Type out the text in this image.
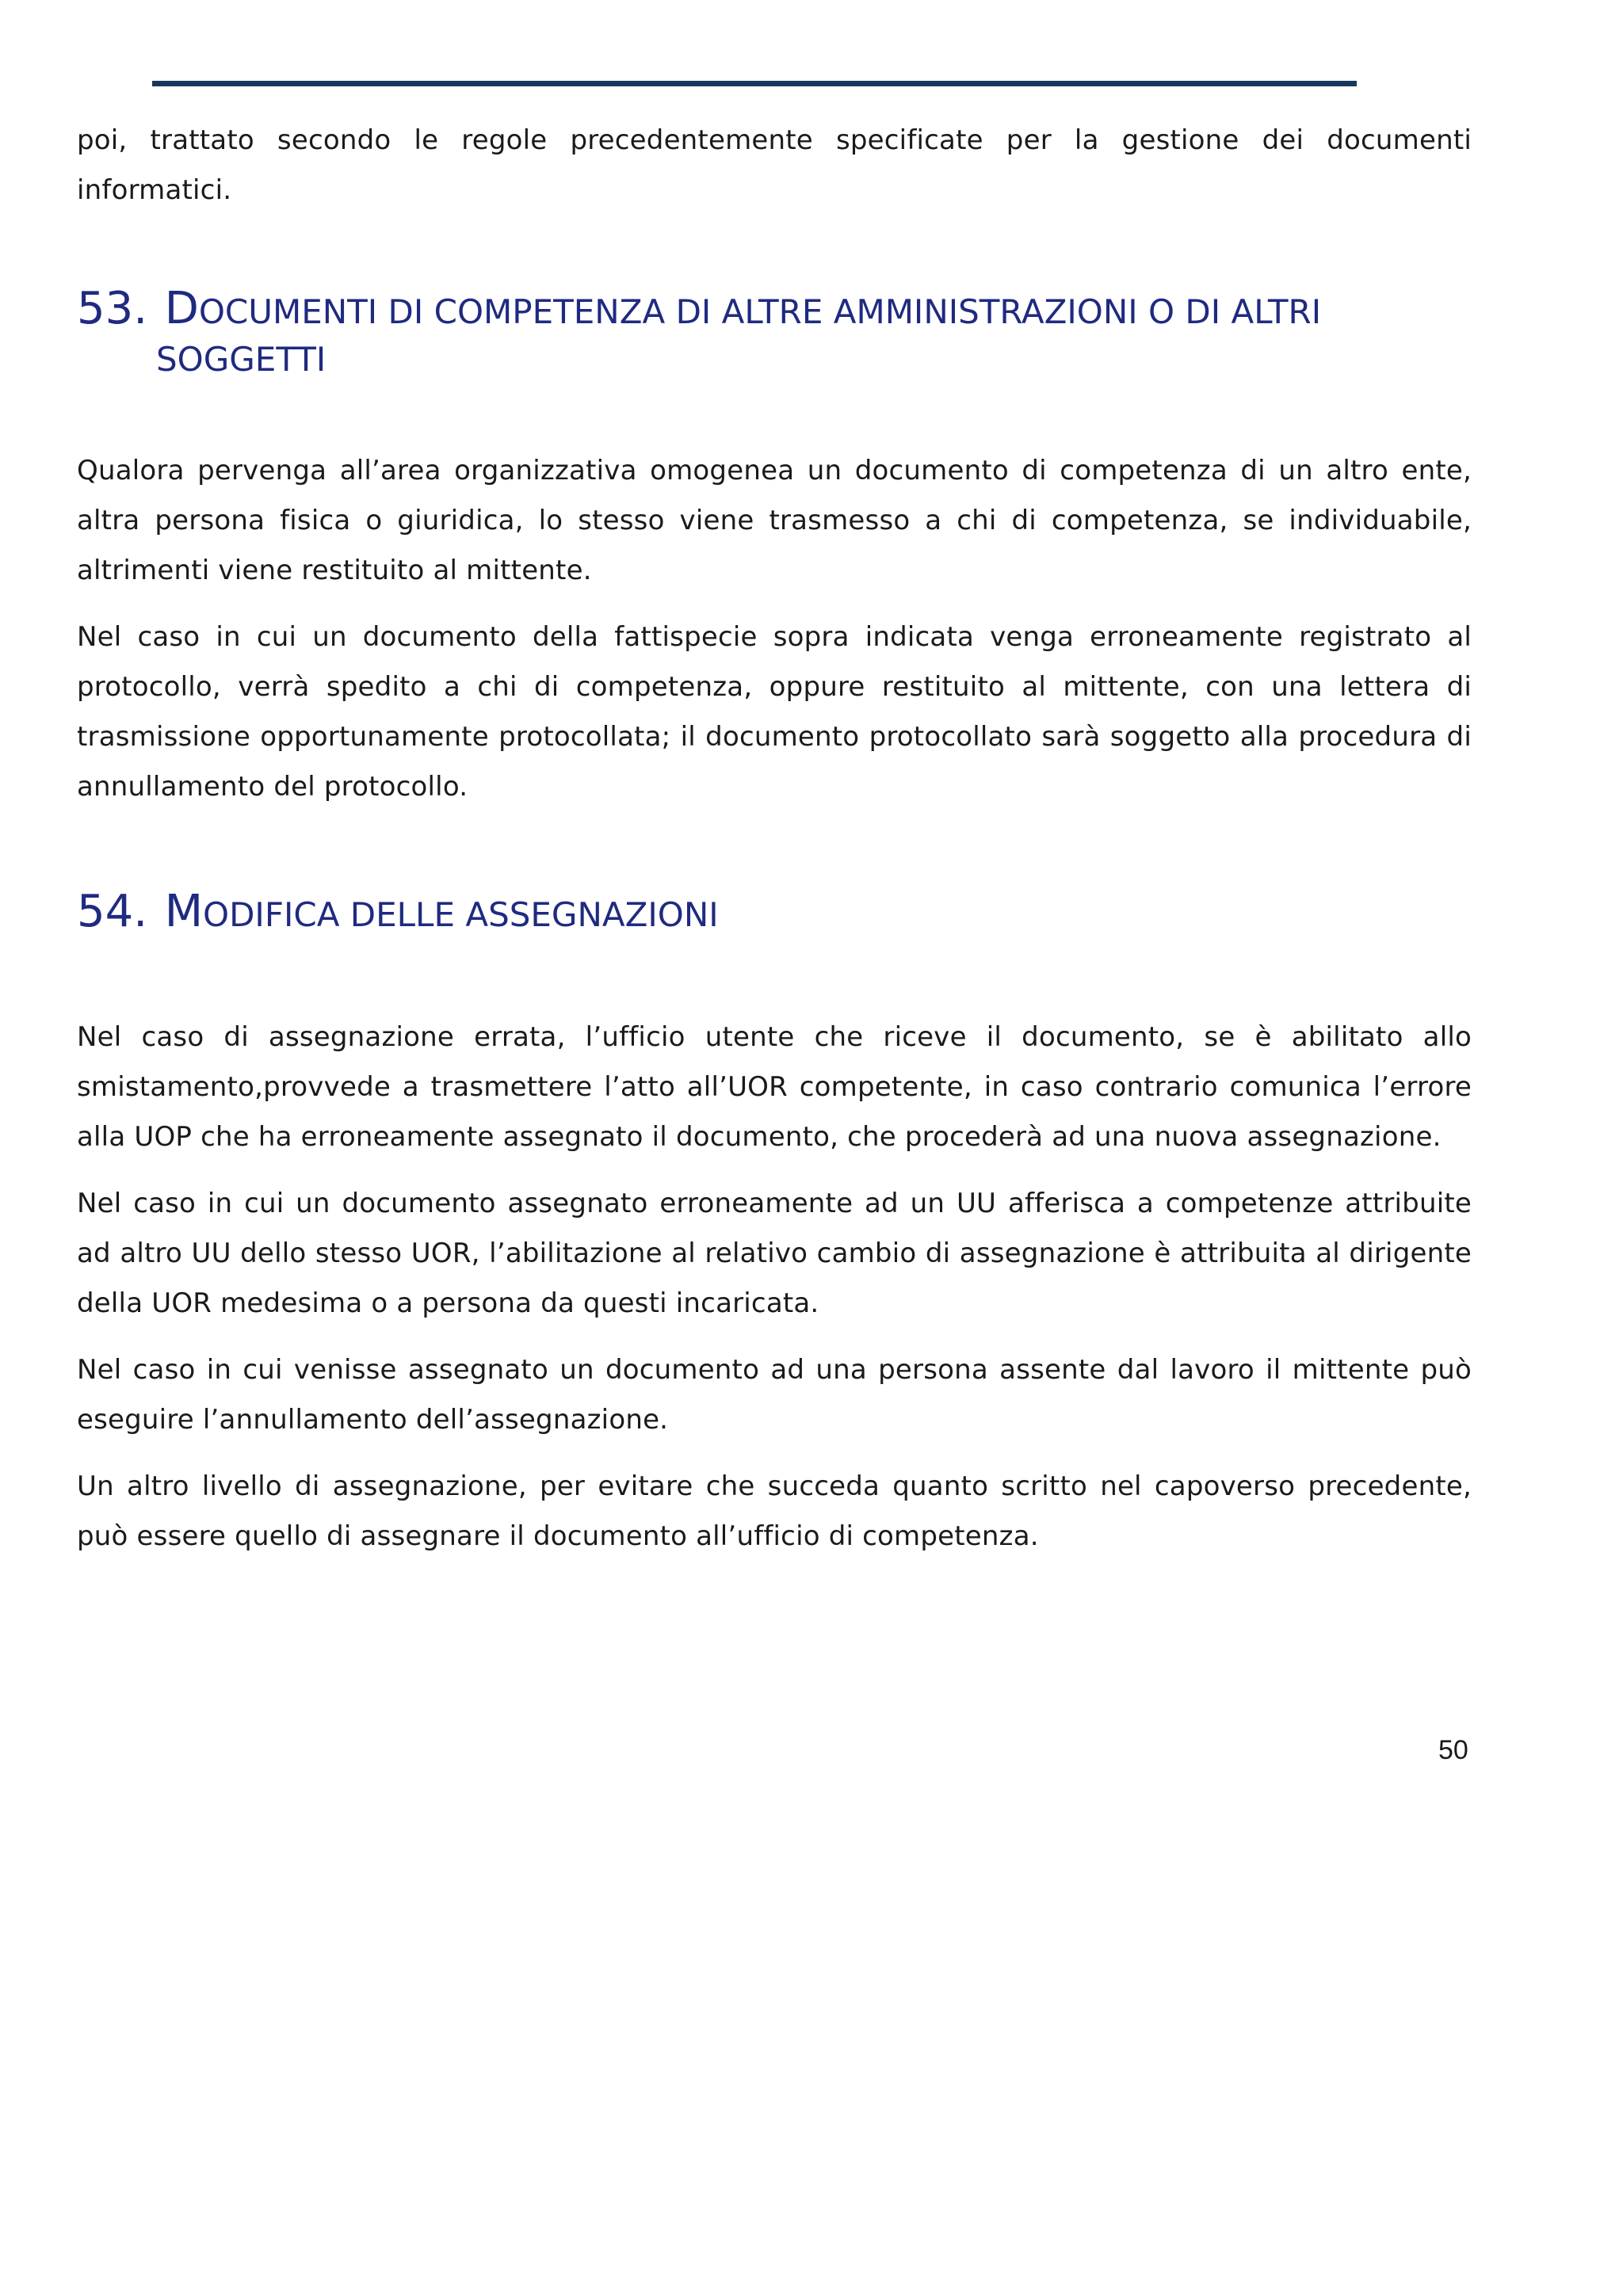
poi, trattato secondo le regole precedentemente specificate per la gestione dei documenti informatici.

53. DOCUMENTI DI COMPETENZA DI ALTRE AMMINISTRAZIONI O DI ALTRI
SOGGETTI

Qualora pervenga all’area organizzativa omogenea un documento di competenza di un altro ente, altra persona fisica o giuridica, lo stesso viene trasmesso a chi di competenza, se individuabile, altrimenti viene restituito al mittente.

Nel caso in cui un documento della fattispecie sopra indicata venga erroneamente registrato al protocollo, verrà spedito a chi di competenza, oppure restituito al mittente, con una lettera di trasmissione opportunamente protocollata; il documento protocollato sarà soggetto alla procedura di annullamento del protocollo.

54. MODIFICA DELLE ASSEGNAZIONI

Nel caso di assegnazione errata, l’ufficio utente che riceve il documento, se è abilitato allo smistamento,provvede a trasmettere l’atto all’UOR competente, in caso contrario comunica l’errore alla UOP che ha erroneamente assegnato il documento, che procederà ad una nuova assegnazione.

Nel caso in cui un documento assegnato erroneamente ad un UU afferisca a competenze attribuite ad altro UU dello stesso UOR, l’abilitazione al relativo cambio di assegnazione è attribuita al dirigente della UOR medesima o a persona da questi incaricata.

Nel caso in cui venisse assegnato un documento ad una persona assente dal lavoro il mittente può eseguire l’annullamento dell’assegnazione.

Un altro livello di assegnazione, per evitare che succeda quanto scritto nel capoverso precedente, può essere quello di assegnare il documento all’ufficio di competenza.

50
